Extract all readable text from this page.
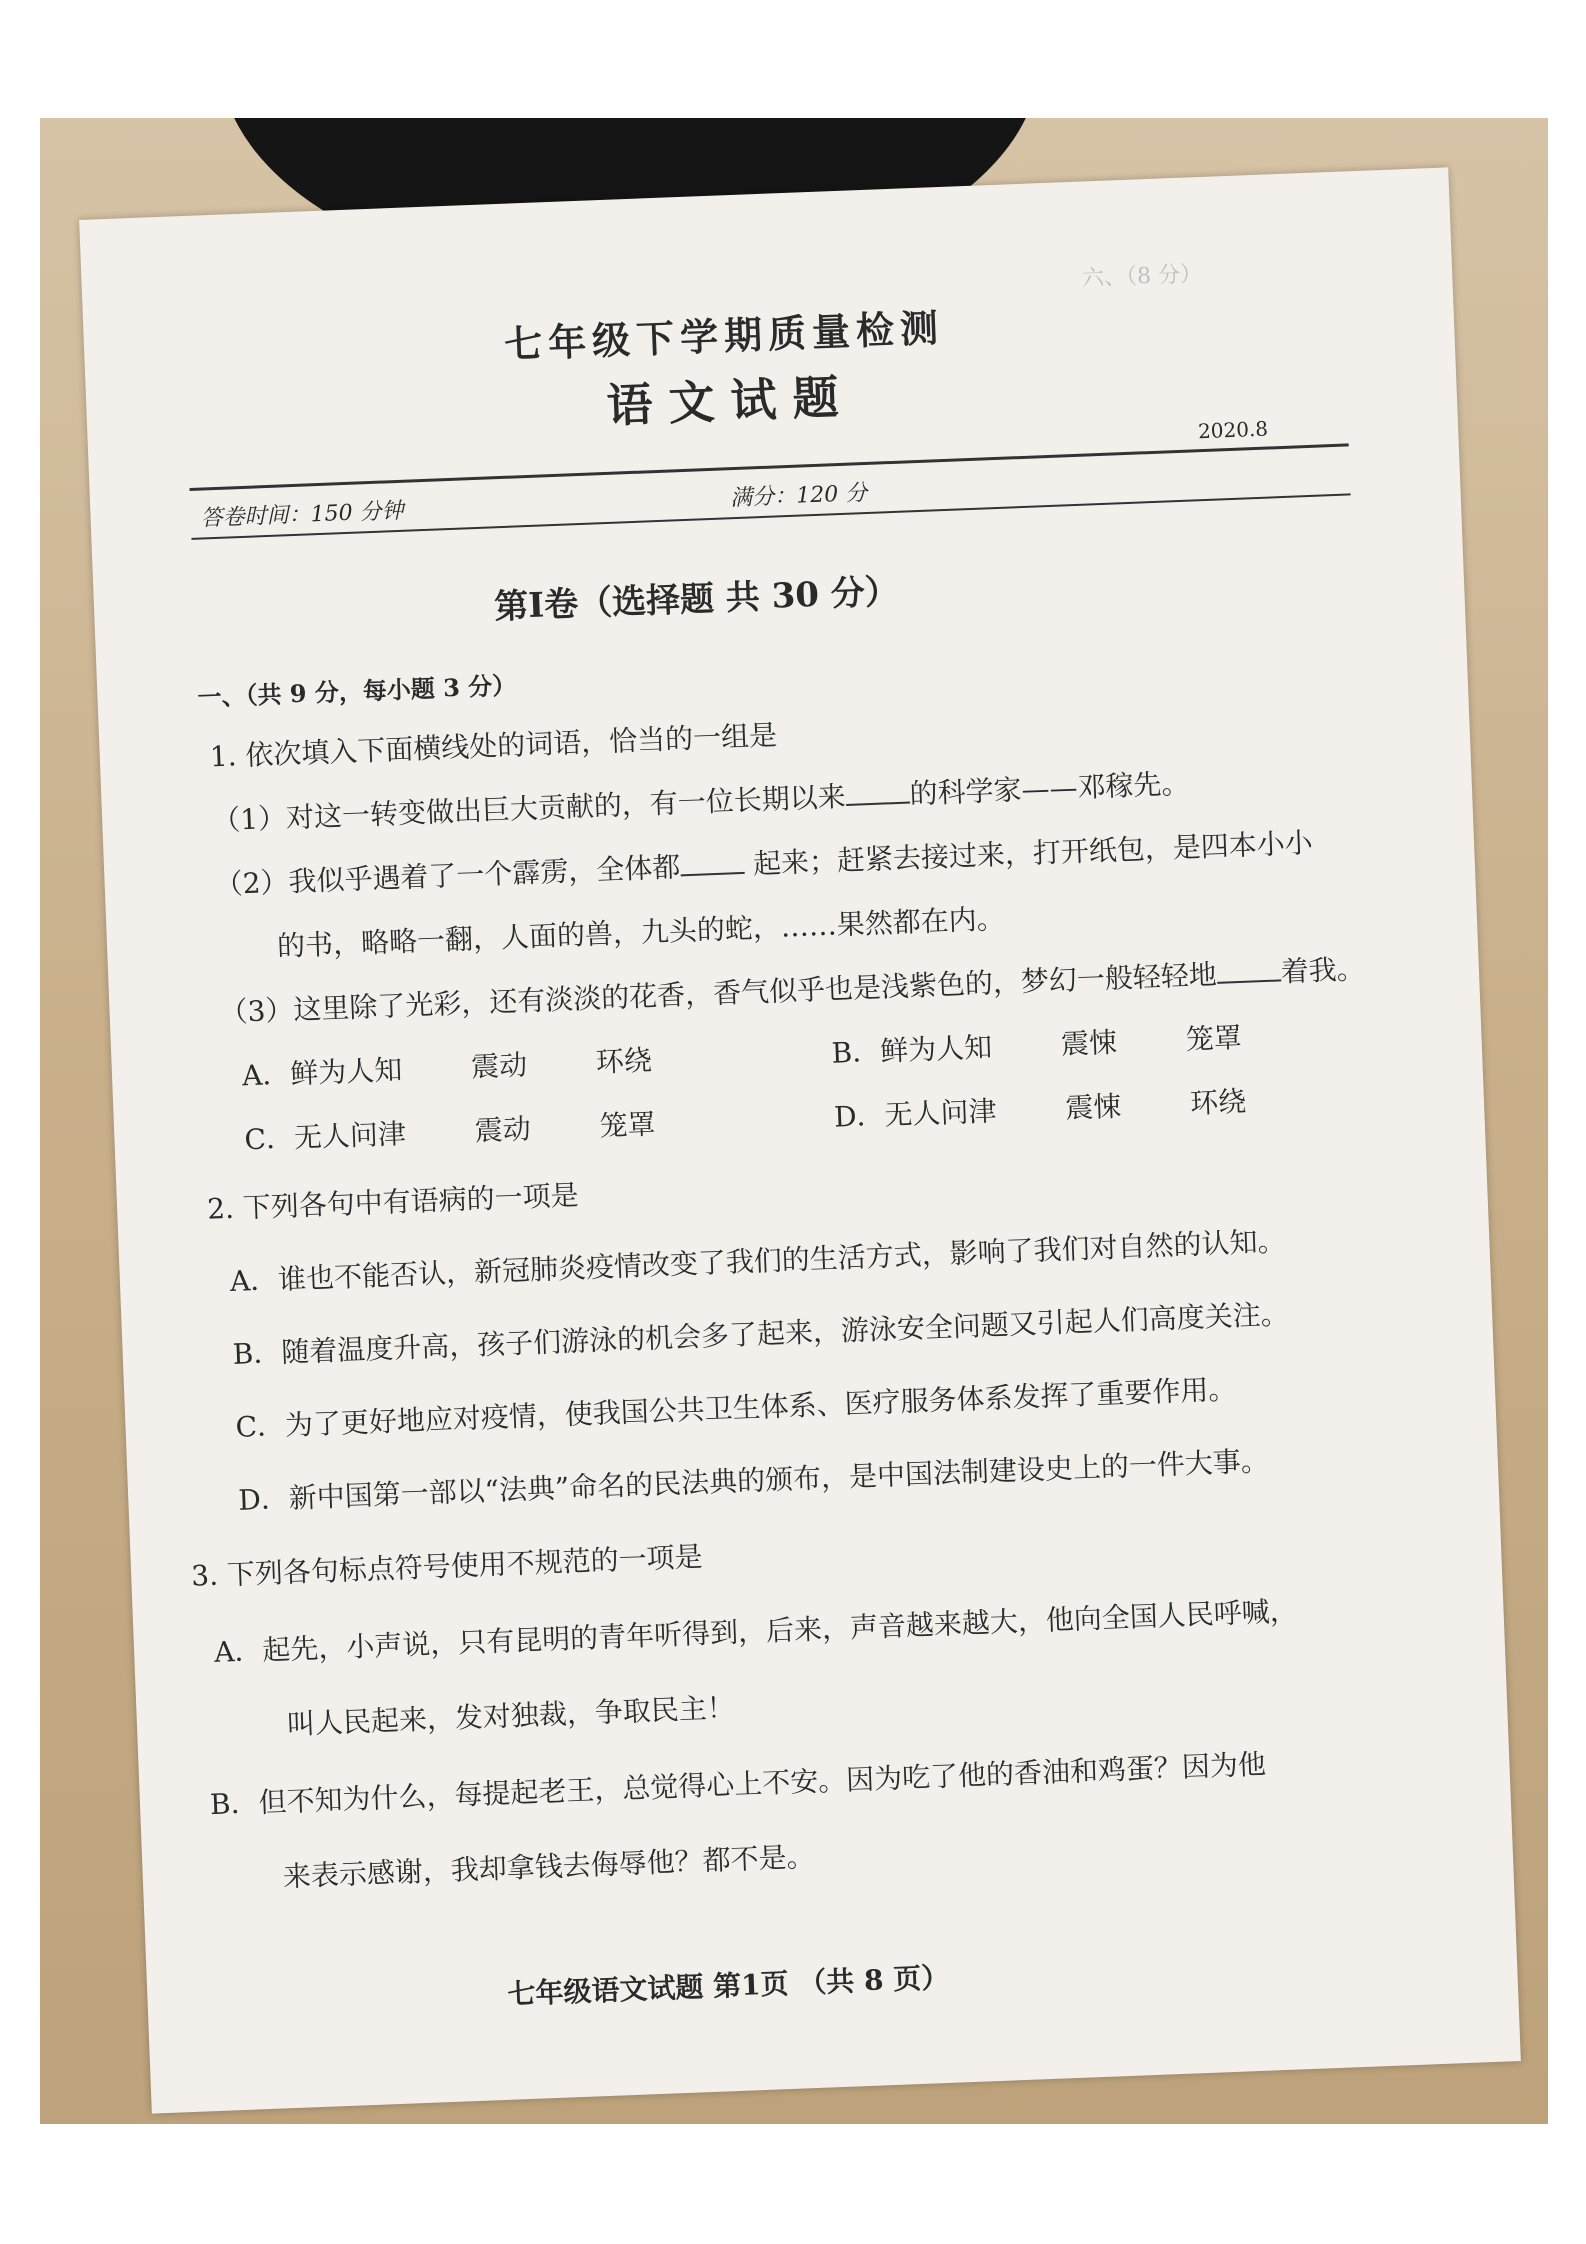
六、（8 分）

七年级下学期质量检测
语文试题	2020.8
答卷时间：150 分钟
满分：120 分
第Ⅰ卷（选择题 共 30 分）
一、（共 9 分，每小题 3 分）
1. 依次填入下面横线处的词语，恰当的一组是
（1）对这一转变做出巨大贡献的，有一位长期以来 的科学家——邓稼先。
（2）我似乎遇着了一个霹雳，全体都 起来；赶紧去接过来，打开纸包，是四本小小
的书，略略一翻，人面的兽，九头的蛇，……果然都在内。
（3）这里除了光彩，还有淡淡的花香，香气似乎也是浅紫色的，梦幻一般轻轻地 着我。
A．鲜为人知 震动 环绕	B．鲜为人知 震悚 笼罩
C．无人问津 震动 笼罩	D．无人问津 震悚 环绕
2. 下列各句中有语病的一项是
A．谁也不能否认，新冠肺炎疫情改变了我们的生活方式，影响了我们对自然的认知。
B．随着温度升高，孩子们游泳的机会多了起来，游泳安全问题又引起人们高度关注。
C．为了更好地应对疫情，使我国公共卫生体系、医疗服务体系发挥了重要作用。
D．新中国第一部以“法典”命名的民法典的颁布，是中国法制建设史上的一件大事。
3. 下列各句标点符号使用不规范的一项是
A．起先，小声说，只有昆明的青年听得到，后来，声音越来越大，他向全国人民呼喊，
叫人民起来，发对独裁，争取民主！
B．但不知为什么，每提起老王，总觉得心上不安。因为吃了他的香油和鸡蛋？因为他
来表示感谢，我却拿钱去侮辱他？都不是。
七年级语文试题 第1页 （共 8 页）
